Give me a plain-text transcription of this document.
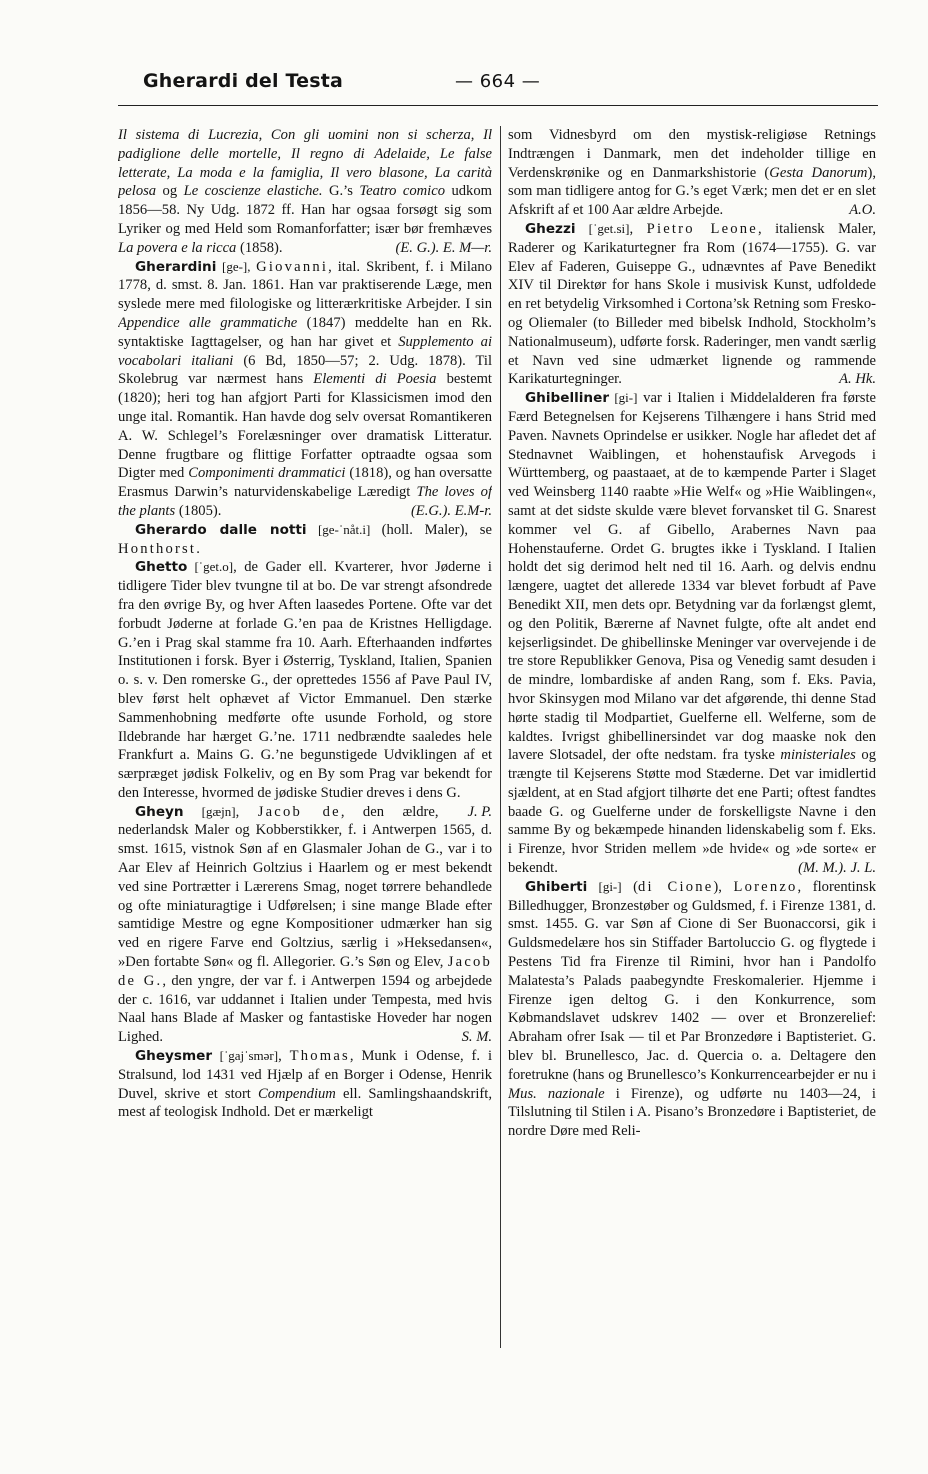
Gherardi del Testa	— 664 —

Il sistema di Lucrezia, Con gli uomini non si scherza, Il padiglione delle mortelle, Il regno di Adelaide, Le false letterate, La moda e la famiglia, Il vero blasone, La carità pelosa og Le coscienze elastiche. G.’s Teatro comico udkom 1856—58. Ny Udg. 1872 ff. Han har ogsaa forsøgt sig som Lyriker og med Held som Romanforfatter; især bør fremhæves La povera e la ricca (1858).	(E. G.). E. M—r.

Gherardini [ge-], Giovanni, ital. Skribent, f. i Milano 1778, d. smst. 8. Jan. 1861. Han var praktiserende Læge, men syslede mere med filologiske og litterærkritiske Arbejder. I sin Appendice alle grammatiche (1847) meddelte han en Rk. syntaktiske Iagttagelser, og han har givet et Supplemento ai vocabolari italiani (6 Bd, 1850—57; 2. Udg. 1878). Til Skolebrug var nærmest hans Elementi di Poesia bestemt (1820); heri tog han afgjort Parti for Klassicismen imod den unge ital. Romantik. Han havde dog selv oversat Romantikeren A. W. Schlegel’s Forelæsninger over dramatisk Litteratur. Denne frugtbare og flittige Forfatter optraadte ogsaa som Digter med Componimenti drammatici (1818), og han oversatte Erasmus Darwin’s naturvidenskabelige Læredigt The loves of the plants (1805).	(E.G.). E.M-r.

Gherardo dalle notti [ge-ˈnåt.i] (holl. Maler), se Honthorst.

Ghetto [ˈget.o], de Gader ell. Kvarterer, hvor Jøderne i tidligere Tider blev tvungne til at bo. De var strengt afsondrede fra den øvrige By, og hver Aften laasedes Portene. Ofte var det forbudt Jøderne at forlade G.’en paa de Kristnes Helligdage. G.’en i Prag skal stamme fra 10. Aarh. Efterhaanden indførtes Institutionen i forsk. Byer i Østerrig, Tyskland, Italien, Spanien o. s. v. Den romerske G., der oprettedes 1556 af Pave Paul IV, blev først helt ophævet af Victor Emmanuel. Den stærke Sammenhobning medførte ofte usunde Forhold, og store Ildebrande har hærget G.’ne. 1711 nedbrændte saaledes hele Frankfurt a. Mains G. G.’ne begunstigede Udviklingen af et særpræget jødisk Folkeliv, og en By som Prag var bekendt for den Interesse, hvormed de jødiske Studier dreves i dens G.
J. P.

Gheyn [gæjn], Jacob de, den ældre, nederlandsk Maler og Kobberstikker, f. i Antwerpen 1565, d. smst. 1615, vistnok Søn af en Glasmaler Johan de G., var i to Aar Elev af Heinrich Goltzius i Haarlem og er mest bekendt ved sine Portrætter i Lærerens Smag, noget tørrere behandlede og ofte miniaturagtige i Udførelsen; i sine mange Blade efter samtidige Mestre og egne Kompositioner udmærker han sig ved en rigere Farve end Goltzius, særlig i »Heksedansen«, »Den fortabte Søn« og fl. Allegorier. G.’s Søn og Elev, Jacob de G., den yngre, der var f. i Antwerpen 1594 og arbejdede der c. 1616, var uddannet i Italien under Tempesta, med hvis Naal hans Blade af Masker og fantastiske Hoveder har nogen Lighed.	S. M.

Gheysmer [ˈgajˈsmər], Thomas, Munk i Odense, f. i Stralsund, lod 1431 ved Hjælp af en Borger i Odense, Henrik Duvel, skrive et stort Compendium ell. Samlingshaandskrift, mest af teologisk Indhold. Det er mærkeligt

som Vidnesbyrd om den mystisk-religiøse Retnings Indtrængen i Danmark, men det indeholder tillige en Verdenskrønike og en Danmarkshistorie (Gesta Danorum), som man tidligere antog for G.’s eget Værk; men det er en slet Afskrift af et 100 Aar ældre Arbejde.	A.O.

Ghezzi [ˈget.si], Pietro Leone, italiensk Maler, Raderer og Karikaturtegner fra Rom (1674—1755). G. var Elev af Faderen, Guiseppe G., udnævntes af Pave Benedikt XIV til Direktør for hans Skole i musivisk Kunst, udfoldede en ret betydelig Virksomhed i Cortona’sk Retning som Fresko- og Oliemaler (to Billeder med bibelsk Indhold, Stockholm’s Nationalmuseum), udførte forsk. Raderinger, men vandt særlig et Navn ved sine udmærket lignende og rammende Karikaturtegninger.	A. Hk.

Ghibelliner [gi-] var i Italien i Middelalderen fra første Færd Betegnelsen for Kejserens Tilhængere i hans Strid med Paven. Navnets Oprindelse er usikker. Nogle har afledet det af Stednavnet Waiblingen, et hohenstaufisk Arvegods i Württemberg, og paastaaet, at de to kæmpende Parter i Slaget ved Weinsberg 1140 raabte »Hie Welf« og »Hie Waiblingen«, samt at det sidste skulde være blevet forvansket til G. Snarest kommer vel G. af Gibello, Arabernes Navn paa Hohenstauferne. Ordet G. brugtes ikke i Tyskland. I Italien holdt det sig derimod helt ned til 16. Aarh. og delvis endnu længere, uagtet det allerede 1334 var blevet forbudt af Pave Benedikt XII, men dets opr. Betydning var da forlængst glemt, og den Politik, Bærerne af Navnet fulgte, ofte alt andet end kejserligsindet. De ghibellinske Meninger var overvejende i de tre store Republikker Genova, Pisa og Venedig samt desuden i de mindre, lombardiske af anden Rang, som f. Eks. Pavia, hvor Skinsygen mod Milano var det afgørende, thi denne Stad hørte stadig til Modpartiet, Guelferne ell. Welferne, som de kaldtes. Ivrigst ghibellinersindet var dog maaske nok den lavere Slotsadel, der ofte nedstam. fra tyske ministeriales og trængte til Kejserens Støtte mod Stæderne. Det var imidlertid sjældent, at en Stad afgjort tilhørte det ene Parti; oftest fandtes baade G. og Guelferne under de forskelligste Navne i den samme By og bekæmpede hinanden lidenskabelig som f. Eks. i Firenze, hvor Striden mellem »de hvide« og »de sorte« er bekendt.	(M. M.). J. L.

Ghiberti [gi-] (di Cione), Lorenzo, florentinsk Billedhugger, Bronzestøber og Guldsmed, f. i Firenze 1381, d. smst. 1455. G. var Søn af Cione di Ser Buonaccorsi, gik i Guldsmedelære hos sin Stiffader Bartoluccio G. og flygtede i Pestens Tid fra Firenze til Rimini, hvor han i Pandolfo Malatesta’s Palads paabegyndte Freskomalerier. Hjemme i Firenze igen deltog G. i den Konkurrence, som Købmandslavet udskrev 1402 — over et Bronzerelief: Abraham ofrer Isak — til et Par Bronzedøre i Baptisteriet. G. blev bl. Brunellesco, Jac. d. Quercia o. a. Deltagere den foretrukne (hans og Brunellesco’s Konkurrencearbejder er nu i Mus. nazionale i Firenze), og udførte nu 1403—24, i Tilslutning til Stilen i A. Pisano’s Bronzedøre i Baptisteriet, de nordre Døre med Reli-
